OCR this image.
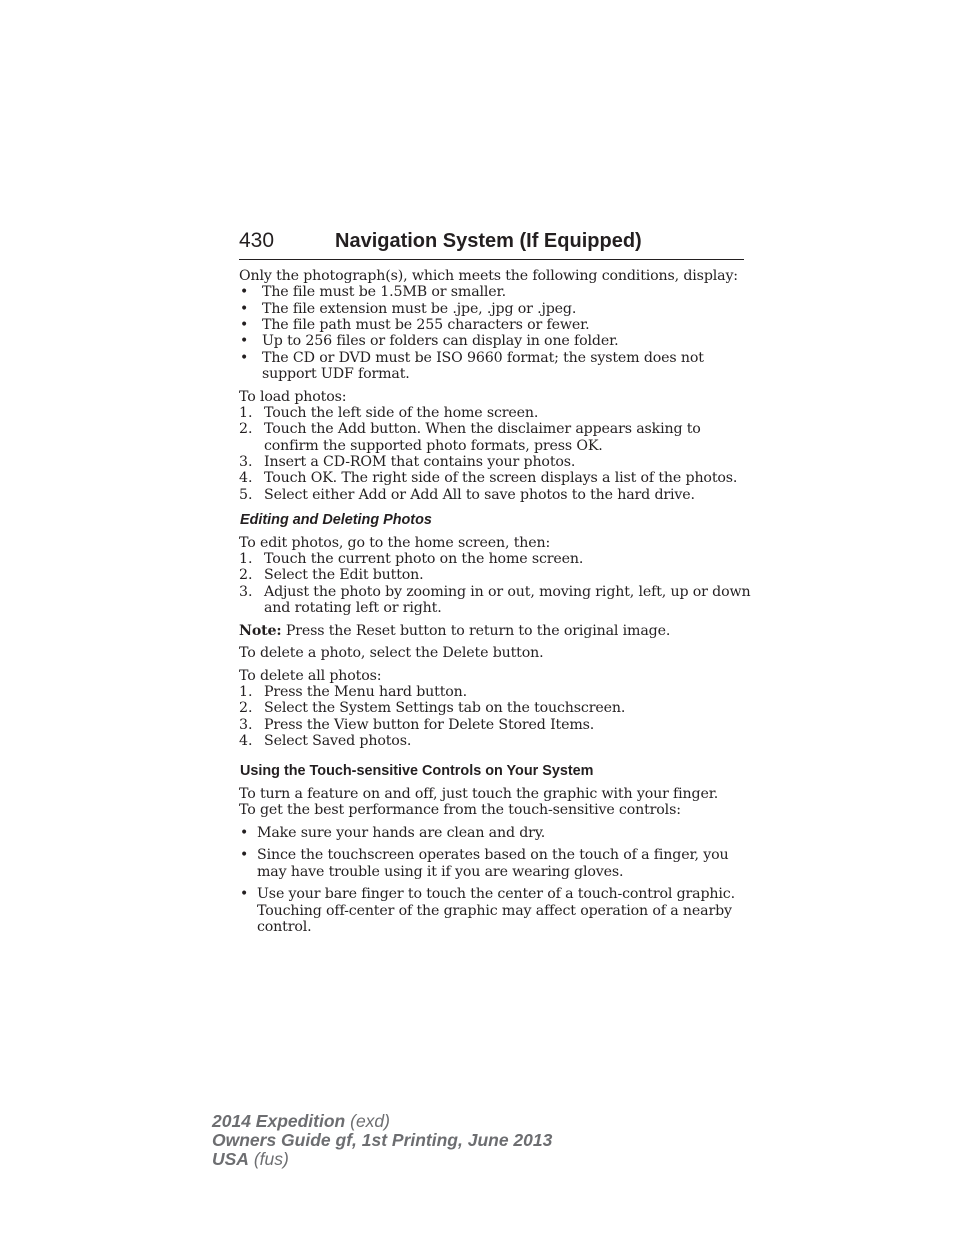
430	Navigation System (If Equipped)
Only the photograph(s), which meets the following conditions, display:
• The file must be 1.5MB or smaller.
• The file extension must be .jpe, .jpg or .jpeg.
• The file path must be 255 characters or fewer.
• Up to 256 files or folders can display in one folder.
• The CD or DVD must be ISO 9660 format; the system does not
support UDF format.
To load photos:
1. Touch the left side of the home screen.
2. Touch the Add button. When the disclaimer appears asking to
confirm the supported photo formats, press OK.
3. Insert a CD-ROM that contains your photos.
4. Touch OK. The right side of the screen displays a list of the photos.
5. Select either Add or Add All to save photos to the hard drive.
Editing and Deleting Photos
To edit photos, go to the home screen, then:
1. Touch the current photo on the home screen.
2. Select the Edit button.
3. Adjust the photo by zooming in or out, moving right, left, up or down
and rotating left or right.
Note: Press the Reset button to return to the original image.
To delete a photo, select the Delete button.
To delete all photos:
1. Press the Menu hard button.
2. Select the System Settings tab on the touchscreen.
3. Press the View button for Delete Stored Items.
4. Select Saved photos.
Using the Touch-sensitive Controls on Your System
To turn a feature on and off, just touch the graphic with your finger.
To get the best performance from the touch-sensitive controls:
• Make sure your hands are clean and dry.
• Since the touchscreen operates based on the touch of a finger, you
may have trouble using it if you are wearing gloves.
• Use your bare finger to touch the center of a touch-control graphic.
Touching off-center of the graphic may affect operation of a nearby
control.
2014 Expedition (exd)
Owners Guide gf, 1st Printing, June 2013
USA (fus)
